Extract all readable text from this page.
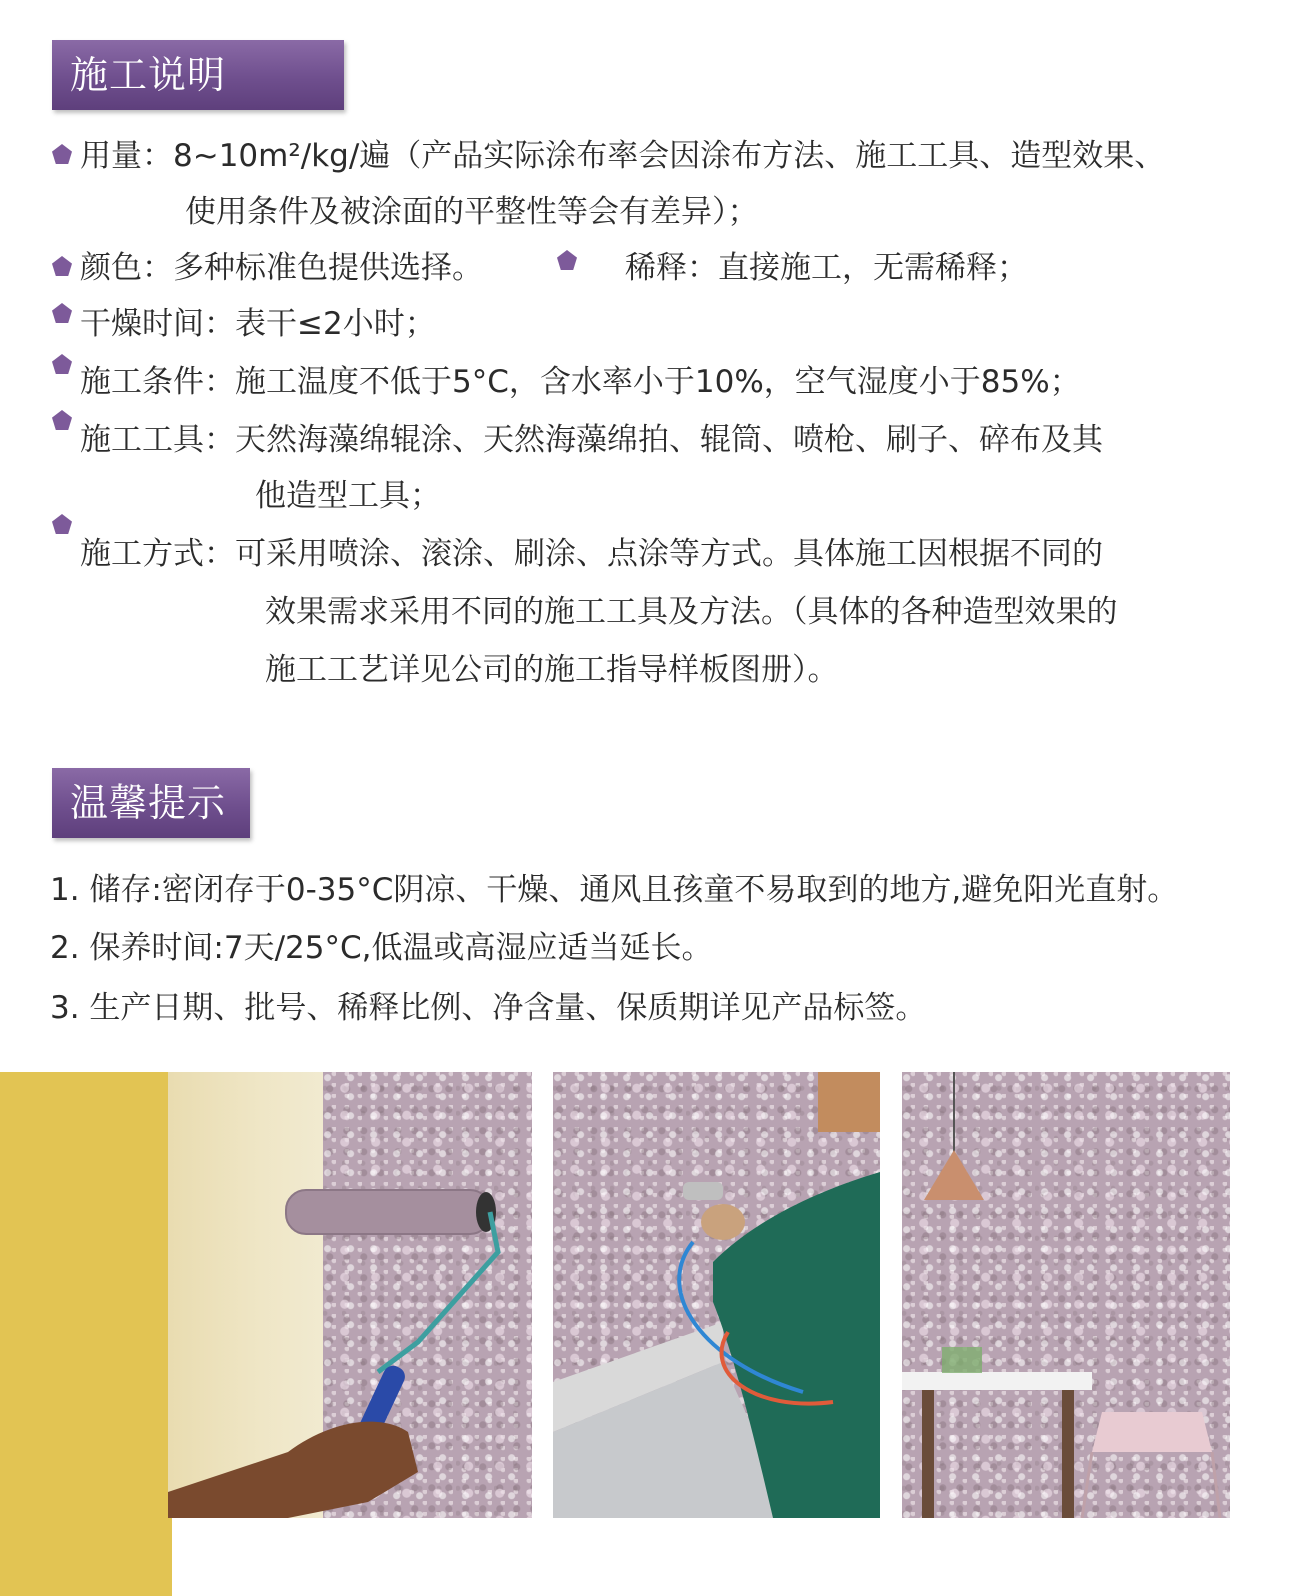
施工说明
用量：8~10m²/kg/遍（产品实际涂布率会因涂布方法、施工工具、造型效果、
使用条件及被涂面的平整性等会有差异）；
颜色：多种标准色提供选择。	稀释：直接施工，无需稀释；
干燥时间：表干≤2小时；
施工条件：施工温度不低于5°C，含水率小于10%，空气湿度小于85%；
施工工具：天然海藻绵辊涂、天然海藻绵拍、辊筒、喷枪、刷子、碎布及其
他造型工具；
施工方式：可采用喷涂、滚涂、刷涂、点涂等方式。具体施工因根据不同的
效果需求采用不同的施工工具及方法。（具体的各种造型效果的
施工工艺详见公司的施工指导样板图册）。
温馨提示
1. 储存:密闭存于0-35°C阴凉、干燥、通风且孩童不易取到的地方,避免阳光直射。
2. 保养时间:7天/25°C,低温或高湿应适当延长。
3. 生产日期、批号、稀释比例、净含量、保质期详见产品标签。
